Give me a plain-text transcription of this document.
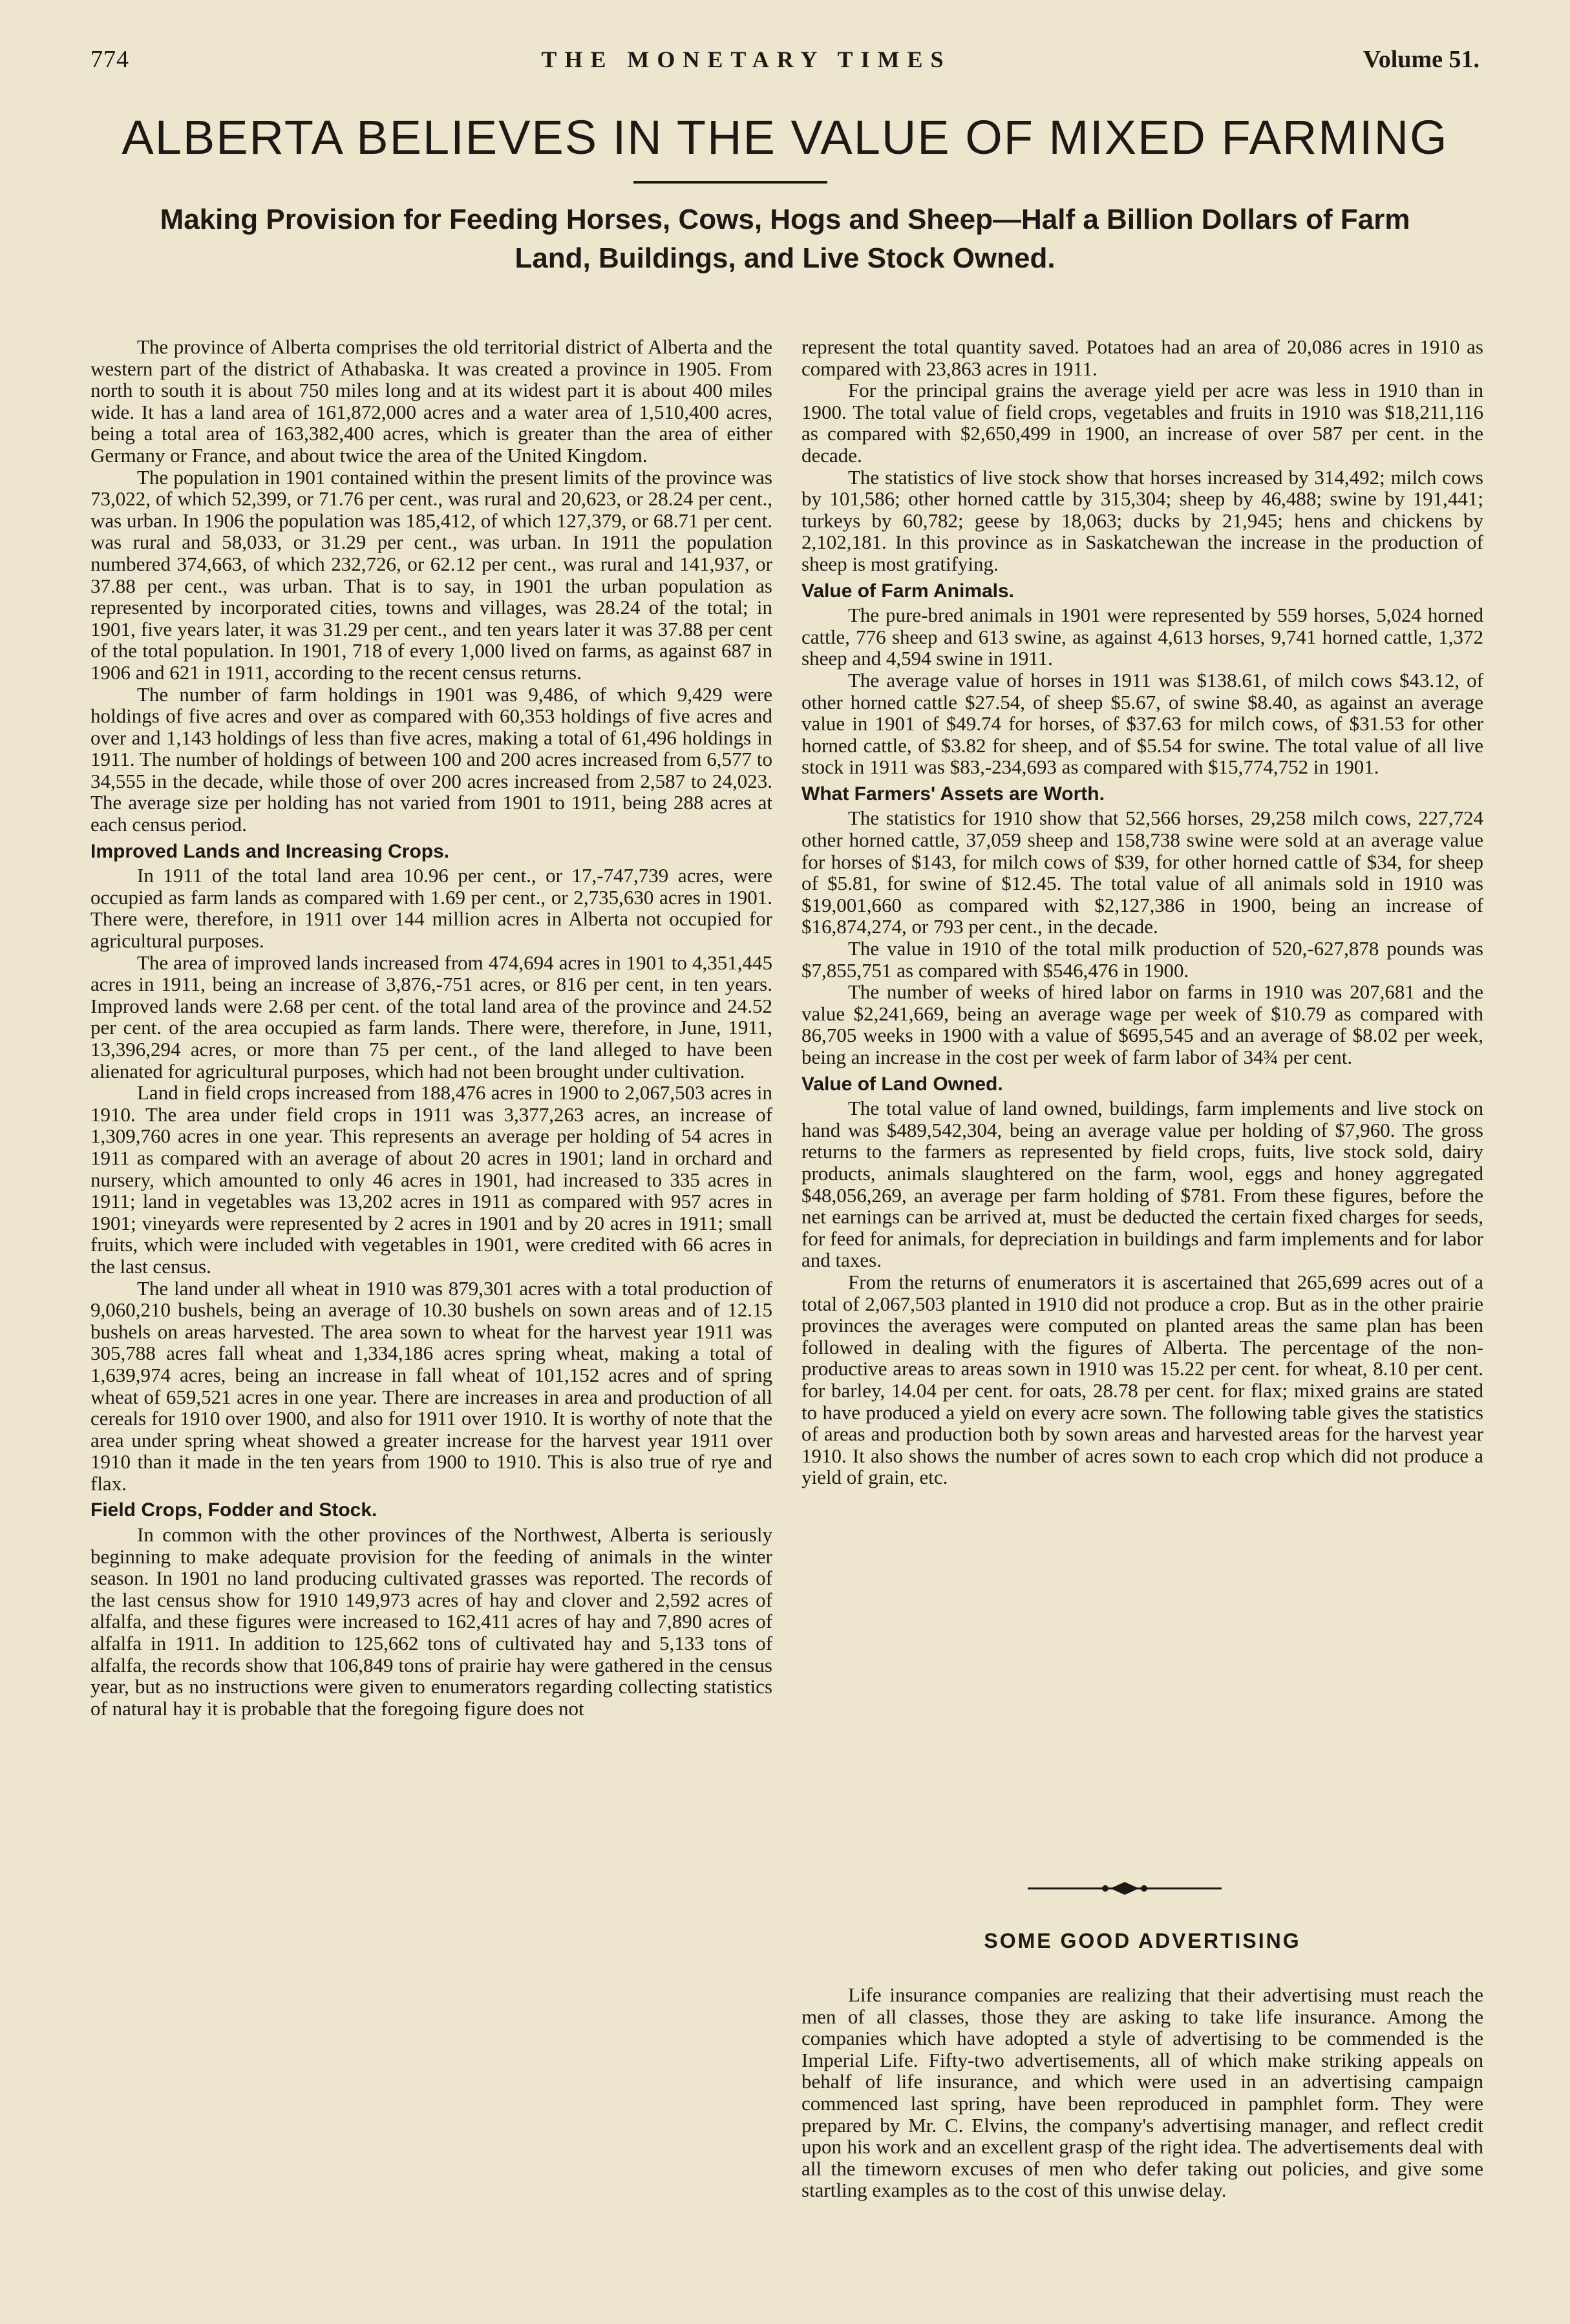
774	THE MONETARY TIMES	Volume 51.
ALBERTA BELIEVES IN THE VALUE OF MIXED FARMING
Making Provision for Feeding Horses, Cows, Hogs and Sheep—Half a Billion Dollars of Farm Land, Buildings, and Live Stock Owned.

The province of Alberta comprises the old territorial district of Alberta and the western part of the district of Athabaska. It was created a province in 1905. From north to south it is about 750 miles long and at its widest part it is about 400 miles wide. It has a land area of 161,872,000 acres and a water area of 1,510,400 acres, being a total area of 163,382,400 acres, which is greater than the area of either Germany or France, and about twice the area of the United Kingdom.

The population in 1901 contained within the present limits of the province was 73,022, of which 52,399, or 71.76 per cent., was rural and 20,623, or 28.24 per cent., was urban. In 1906 the population was 185,412, of which 127,379, or 68.71 per cent. was rural and 58,033, or 31.29 per cent., was urban. In 1911 the population numbered 374,663, of which 232,726, or 62.12 per cent., was rural and 141,937, or 37.88 per cent., was urban. That is to say, in 1901 the urban population as represented by incorporated cities, towns and villages, was 28.24 of the total; in 1901, five years later, it was 31.29 per cent., and ten years later it was 37.88 per cent of the total population. In 1901, 718 of every 1,000 lived on farms, as against 687 in 1906 and 621 in 1911, according to the recent census returns.

The number of farm holdings in 1901 was 9,486, of which 9,429 were holdings of five acres and over as compared with 60,353 holdings of five acres and over and 1,143 holdings of less than five acres, making a total of 61,496 holdings in 1911. The number of holdings of between 100 and 200 acres increased from 6,577 to 34,555 in the decade, while those of over 200 acres increased from 2,587 to 24,023. The average size per holding has not varied from 1901 to 1911, being 288 acres at each census period.

Improved Lands and Increasing Crops.

In 1911 of the total land area 10.96 per cent., or 17,-747,739 acres, were occupied as farm lands as compared with 1.69 per cent., or 2,735,630 acres in 1901. There were, therefore, in 1911 over 144 million acres in Alberta not occupied for agricultural purposes.

The area of improved lands increased from 474,694 acres in 1901 to 4,351,445 acres in 1911, being an increase of 3,876,-751 acres, or 816 per cent, in ten years. Improved lands were 2.68 per cent. of the total land area of the province and 24.52 per cent. of the area occupied as farm lands. There were, therefore, in June, 1911, 13,396,294 acres, or more than 75 per cent., of the land alleged to have been alienated for agricultural purposes, which had not been brought under cultivation.

Land in field crops increased from 188,476 acres in 1900 to 2,067,503 acres in 1910. The area under field crops in 1911 was 3,377,263 acres, an increase of 1,309,760 acres in one year. This represents an average per holding of 54 acres in 1911 as compared with an average of about 20 acres in 1901; land in orchard and nursery, which amounted to only 46 acres in 1901, had increased to 335 acres in 1911; land in vegetables was 13,202 acres in 1911 as compared with 957 acres in 1901; vineyards were represented by 2 acres in 1901 and by 20 acres in 1911; small fruits, which were included with vegetables in 1901, were credited with 66 acres in the last census.

The land under all wheat in 1910 was 879,301 acres with a total production of 9,060,210 bushels, being an average of 10.30 bushels on sown areas and of 12.15 bushels on areas harvested. The area sown to wheat for the harvest year 1911 was 305,788 acres fall wheat and 1,334,186 acres spring wheat, making a total of 1,639,974 acres, being an increase in fall wheat of 101,152 acres and of spring wheat of 659,521 acres in one year. There are increases in area and production of all cereals for 1910 over 1900, and also for 1911 over 1910. It is worthy of note that the area under spring wheat showed a greater increase for the harvest year 1911 over 1910 than it made in the ten years from 1900 to 1910. This is also true of rye and flax.

Field Crops, Fodder and Stock.

In common with the other provinces of the Northwest, Alberta is seriously beginning to make adequate provision for the feeding of animals in the winter season. In 1901 no land producing cultivated grasses was reported. The records of the last census show for 1910 149,973 acres of hay and clover and 2,592 acres of alfalfa, and these figures were increased to 162,411 acres of hay and 7,890 acres of alfalfa in 1911. In addition to 125,662 tons of cultivated hay and 5,133 tons of alfalfa, the records show that 106,849 tons of prairie hay were gathered in the census year, but as no instructions were given to enumerators regarding collecting statistics of natural hay it is probable that the foregoing figure does not

represent the total quantity saved. Potatoes had an area of 20,086 acres in 1910 as compared with 23,863 acres in 1911.

For the principal grains the average yield per acre was less in 1910 than in 1900. The total value of field crops, vegetables and fruits in 1910 was $18,211,116 as compared with $2,650,499 in 1900, an increase of over 587 per cent. in the decade.

The statistics of live stock show that horses increased by 314,492; milch cows by 101,586; other horned cattle by 315,304; sheep by 46,488; swine by 191,441; turkeys by 60,782; geese by 18,063; ducks by 21,945; hens and chickens by 2,102,181. In this province as in Saskatchewan the increase in the production of sheep is most gratifying.

Value of Farm Animals.

The pure-bred animals in 1901 were represented by 559 horses, 5,024 horned cattle, 776 sheep and 613 swine, as against 4,613 horses, 9,741 horned cattle, 1,372 sheep and 4,594 swine in 1911.

The average value of horses in 1911 was $138.61, of milch cows $43.12, of other horned cattle $27.54, of sheep $5.67, of swine $8.40, as against an average value in 1901 of $49.74 for horses, of $37.63 for milch cows, of $31.53 for other horned cattle, of $3.82 for sheep, and of $5.54 for swine. The total value of all live stock in 1911 was $83,-234,693 as compared with $15,774,752 in 1901.

What Farmers' Assets are Worth.

The statistics for 1910 show that 52,566 horses, 29,258 milch cows, 227,724 other horned cattle, 37,059 sheep and 158,738 swine were sold at an average value for horses of $143, for milch cows of $39, for other horned cattle of $34, for sheep of $5.81, for swine of $12.45. The total value of all animals sold in 1910 was $19,001,660 as compared with $2,127,386 in 1900, being an increase of $16,874,274, or 793 per cent., in the decade.

The value in 1910 of the total milk production of 520,-627,878 pounds was $7,855,751 as compared with $546,476 in 1900.

The number of weeks of hired labor on farms in 1910 was 207,681 and the value $2,241,669, being an average wage per week of $10.79 as compared with 86,705 weeks in 1900 with a value of $695,545 and an average of $8.02 per week, being an increase in the cost per week of farm labor of 34¾ per cent.

Value of Land Owned.

The total value of land owned, buildings, farm implements and live stock on hand was $489,542,304, being an average value per holding of $7,960. The gross returns to the farmers as represented by field crops, fuits, live stock sold, dairy products, animals slaughtered on the farm, wool, eggs and honey aggregated $48,056,269, an average per farm holding of $781. From these figures, before the net earnings can be arrived at, must be deducted the certain fixed charges for seeds, for feed for animals, for depreciation in buildings and farm implements and for labor and taxes.

From the returns of enumerators it is ascertained that 265,699 acres out of a total of 2,067,503 planted in 1910 did not produce a crop. But as in the other prairie provinces the averages were computed on planted areas the same plan has been followed in dealing with the figures of Alberta. The percentage of the non-productive areas to areas sown in 1910 was 15.22 per cent. for wheat, 8.10 per cent. for barley, 14.04 per cent. for oats, 28.78 per cent. for flax; mixed grains are stated to have produced a yield on every acre sown. The following table gives the statistics of areas and production both by sown areas and harvested areas for the harvest year 1910. It also shows the number of acres sown to each crop which did not produce a yield of grain, etc.

SOME GOOD ADVERTISING

Life insurance companies are realizing that their advertising must reach the men of all classes, those they are asking to take life insurance. Among the companies which have adopted a style of advertising to be commended is the Imperial Life. Fifty-two advertisements, all of which make striking appeals on behalf of life insurance, and which were used in an advertising campaign commenced last spring, have been reproduced in pamphlet form. They were prepared by Mr. C. Elvins, the company's advertising manager, and reflect credit upon his work and an excellent grasp of the right idea. The advertisements deal with all the timeworn excuses of men who defer taking out policies, and give some startling examples as to the cost of this unwise delay.
